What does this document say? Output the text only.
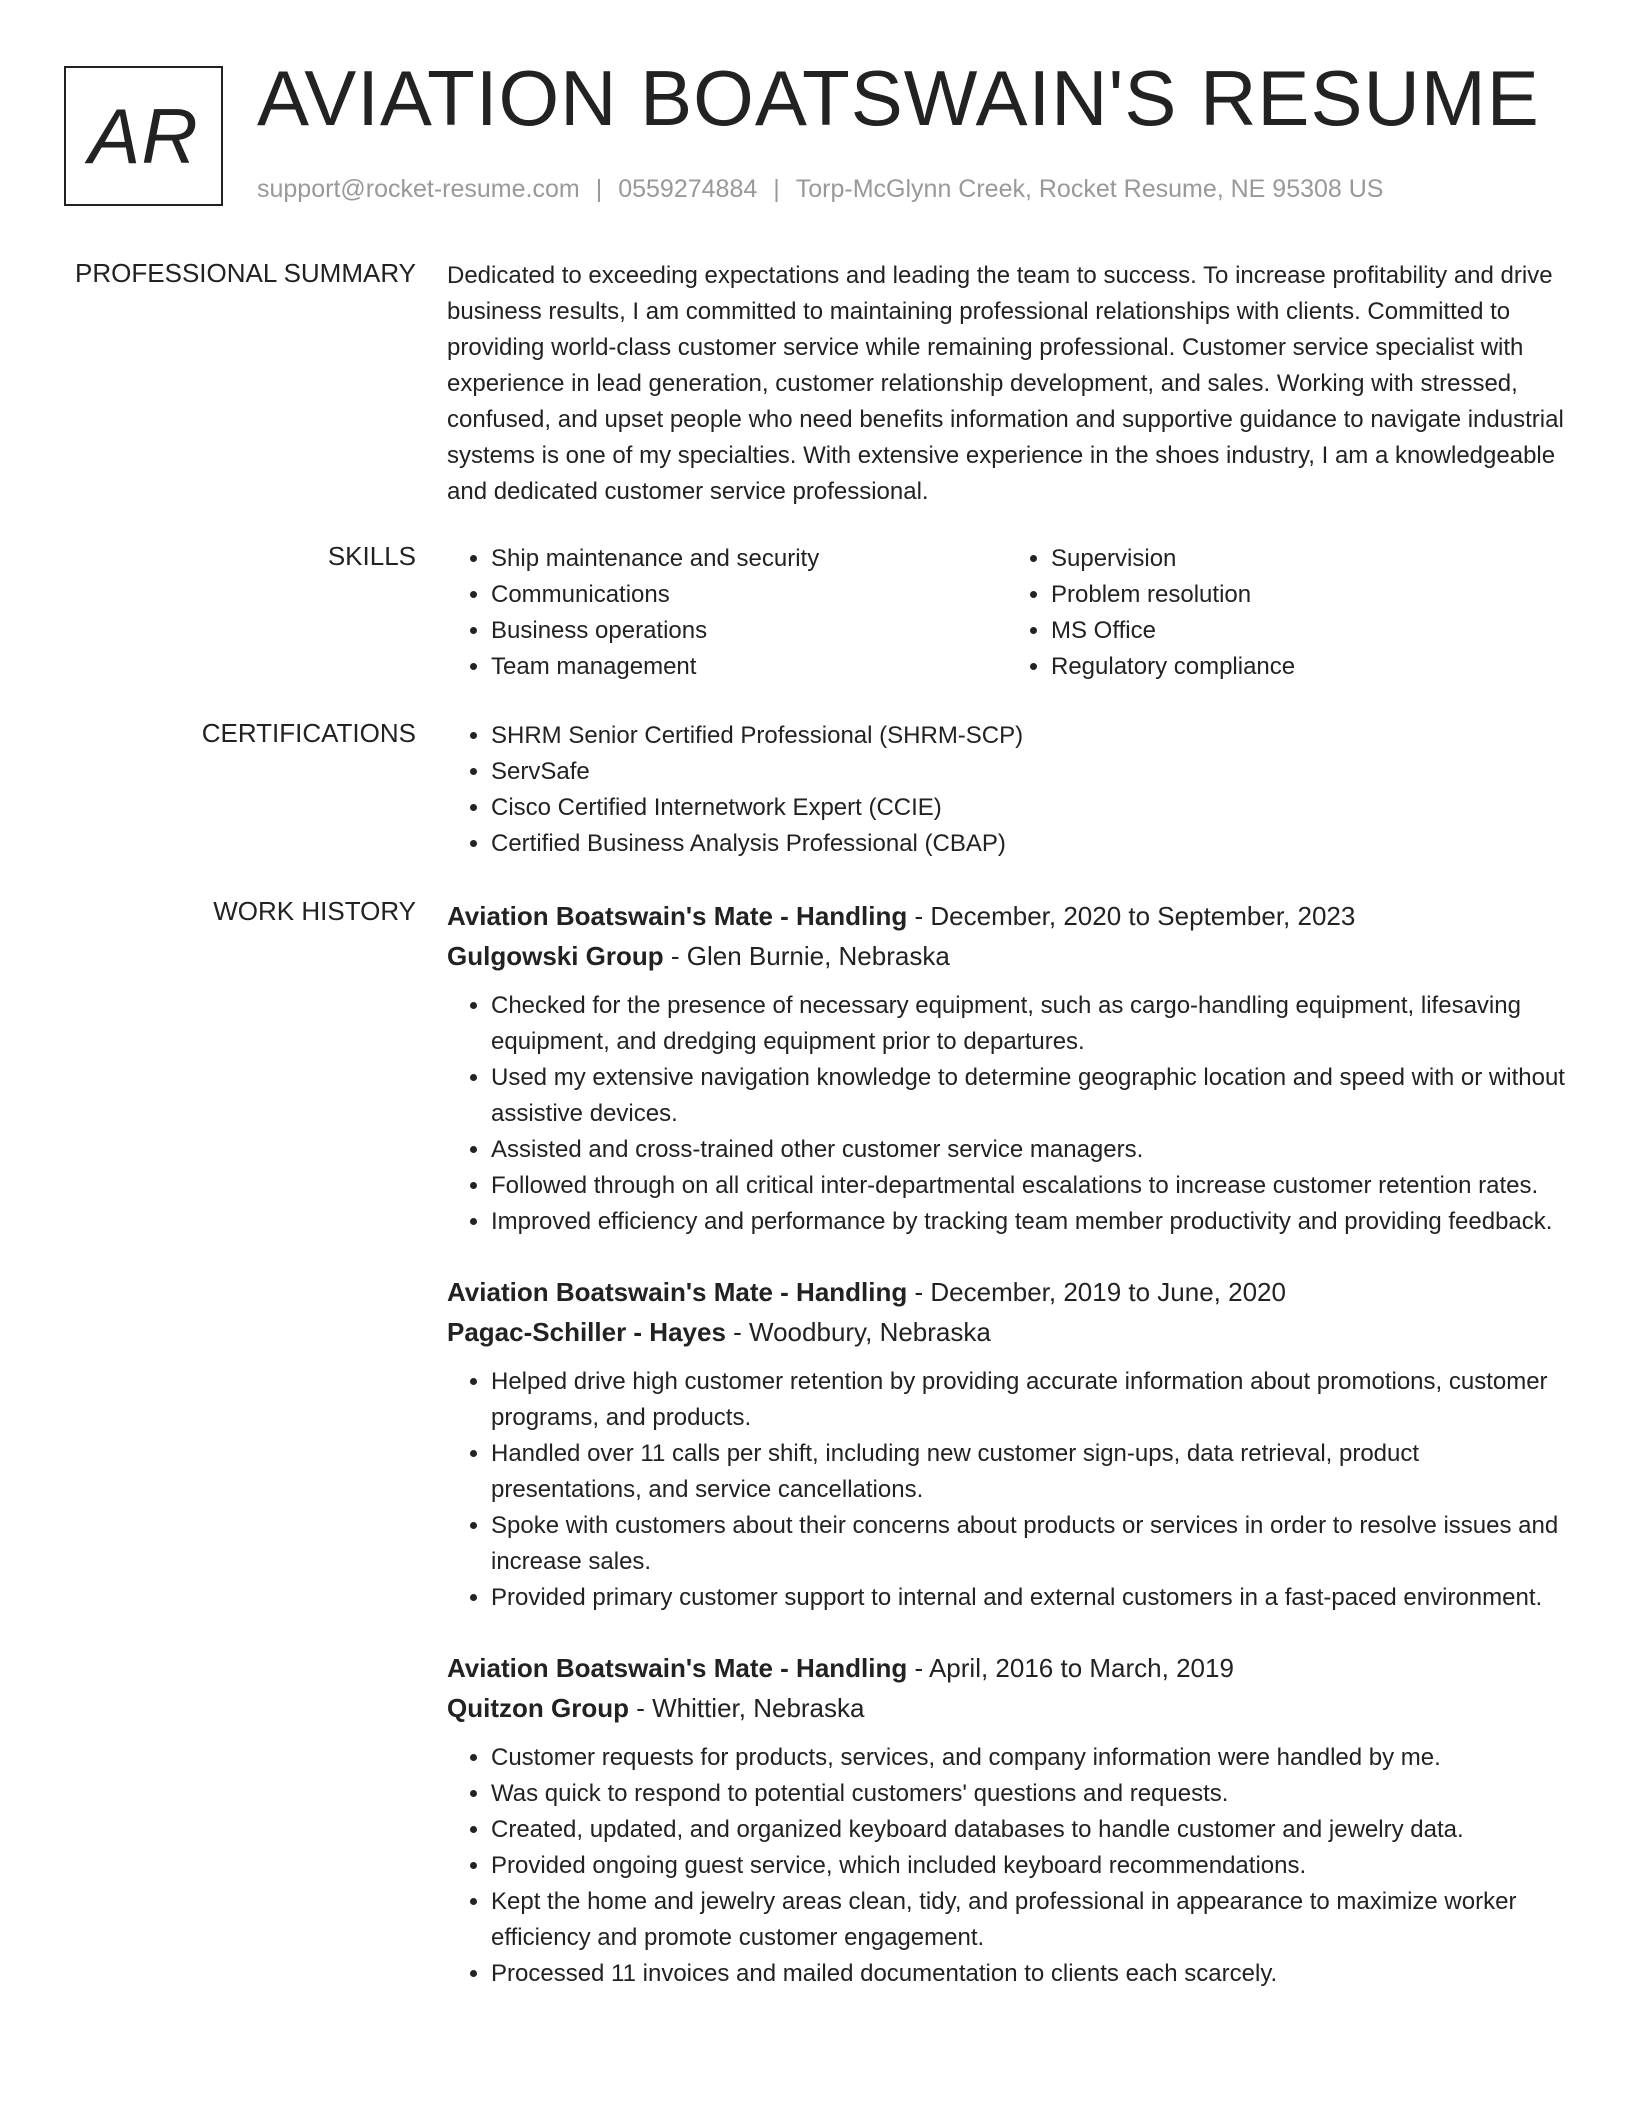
AR AVIATION BOATSWAIN'S RESUME
support@rocket-resume.com | 0559274884 | Torp-McGlynn Creek, Rocket Resume, NE 95308 US
PROFESSIONAL SUMMARY Dedicated to exceeding expectations and leading the team to success. To increase profitability and drive business results, I am committed to maintaining professional relationships with clients. Committed to providing world-class customer service while remaining professional. Customer service specialist with experience in lead generation, customer relationship development, and sales. Working with stressed, confused, and upset people who need benefits information and supportive guidance to navigate industrial systems is one of my specialties. With extensive experience in the shoes industry, I am a knowledgeable and dedicated customer service professional.

SKILLS	• Ship maintenance and security
• Communications
• Business operations
• Team management
• Supervision
• Problem resolution
• MS Office
• Regulatory compliance
CERTIFICATIONS	• SHRM Senior Certified Professional (SHRM-SCP)
• ServSafe
• Cisco Certified Internetwork Expert (CCIE)
• Certified Business Analysis Professional (CBAP)
WORK HISTORY Aviation Boatswain's Mate - Handling - December, 2020 to September, 2023
Gulgowski Group - Glen Burnie, Nebraska
• Checked for the presence of necessary equipment, such as cargo-handling equipment, lifesaving equipment, and dredging equipment prior to departures.
• Used my extensive navigation knowledge to determine geographic location and speed with or without assistive devices.
• Assisted and cross-trained other customer service managers.
• Followed through on all critical inter-departmental escalations to increase customer retention rates.
• Improved efficiency and performance by tracking team member productivity and providing feedback.
Aviation Boatswain's Mate - Handling - December, 2019 to June, 2020
Pagac-Schiller - Hayes - Woodbury, Nebraska
• Helped drive high customer retention by providing accurate information about promotions, customer programs, and products.
• Handled over 11 calls per shift, including new customer sign-ups, data retrieval, product presentations, and service cancellations.
• Spoke with customers about their concerns about products or services in order to resolve issues and increase sales.
• Provided primary customer support to internal and external customers in a fast-paced environment.
Aviation Boatswain's Mate - Handling - April, 2016 to March, 2019
Quitzon Group - Whittier, Nebraska
• Customer requests for products, services, and company information were handled by me.
• Was quick to respond to potential customers' questions and requests.
• Created, updated, and organized keyboard databases to handle customer and jewelry data.
• Provided ongoing guest service, which included keyboard recommendations.
• Kept the home and jewelry areas clean, tidy, and professional in appearance to maximize worker efficiency and promote customer engagement.
• Processed 11 invoices and mailed documentation to clients each scarcely.
